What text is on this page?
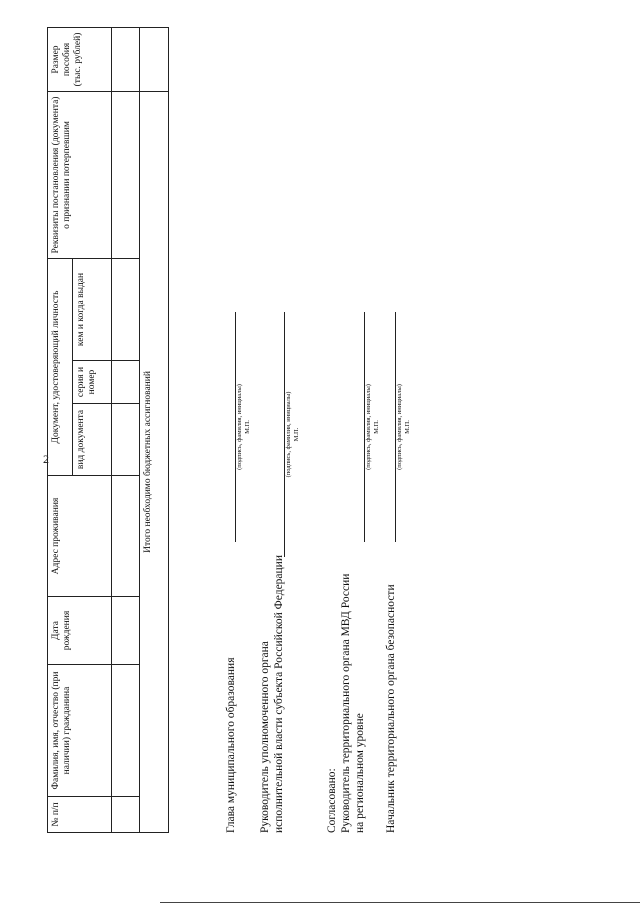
2
№ п/п	Фамилия, имя, отчество (при наличии) гражданина	Дата рождения	Адрес проживания	Документ, удостоверяющий личность			Реквизиты постановления (документа) о признании потерпевшим	Размер пособия (тыс. рублей)
				вид документа	серия и номер	кем и когда выдан		

Итого необходимо бюджетных ассигнований								
Глава муниципального образования
(подпись, фамилия, инициалы) М.П.
Руководитель уполномоченного органа исполнительной власти субъекта Российской Федерации
(подпись, фамилия, инициалы) М.П.
Согласовано: Руководитель территориального органа МВД России на региональном уровне
(подпись, фамилия, инициалы) М.П.
Начальник территориального органа безопасности
(подпись, фамилия, инициалы) М.П.
